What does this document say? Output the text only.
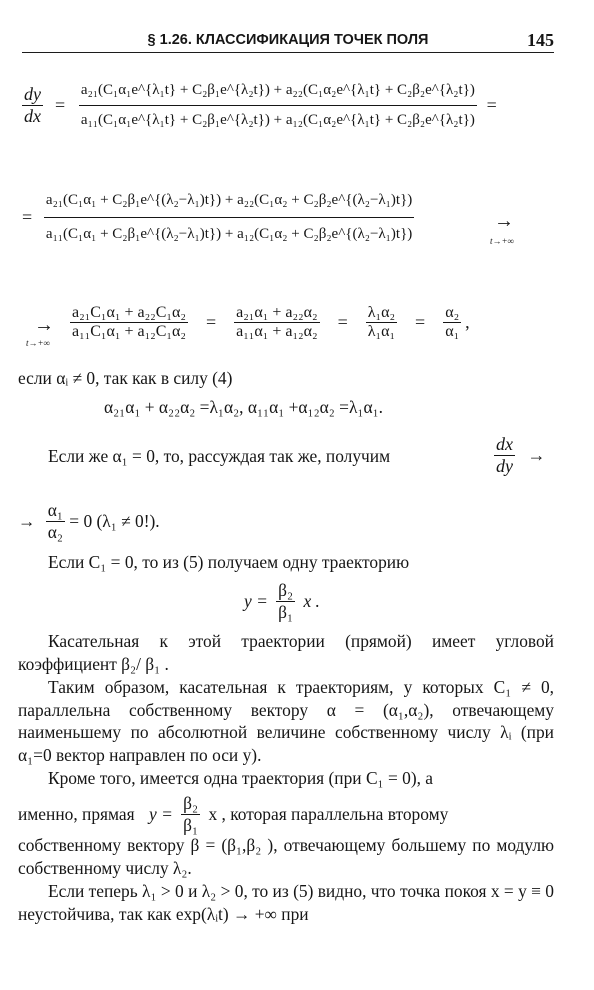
§ 1.26. КЛАССИФИКАЦИЯ ТОЧЕК ПОЛЯ	145
$\frac{dy}{dx}$ =
a₂₁(C₁α₁e^{λ₁t} + C₂β₁e^{λ₂t}) + a₂₂(C₁α₂e^{λ₁t} + C₂β₂e^{λ₂t})
a₁₁(C₁α₁e^{λ₁t} + C₂β₁e^{λ₂t}) + a₁₂(C₁α₂e^{λ₁t} + C₂β₂e^{λ₂t})
=
= $\frac{\text{a₂₁(C₁α₁ + C₂β₁e\textasciicircum{}\{(λ₂−λ₁)t\}) + a₂₂(C₁α₂ + C₂β₂e\textasciicircum{}\{(λ₂−λ₁)t\})}}{\text{a₁₁(C₁α₁ + C₂β₁e\textasciicircum{}\{(λ₂−λ₁)t\}) + a₁₂(C₁α₂ + C₂β₂e\textasciicircum{}\{(λ₂−λ₁)t\})}}$	→
t→+∞
→
t→+∞
$\frac{\text{a₂₁C₁α₁ + a₂₂C₁α₂}}{\text{a₁₁C₁α₁ + a₁₂C₁α₂}} = \frac{\text{a₂₁α₁ + a₂₂α₂}}{\text{a₁₁α₁ + a₁₂α₂}} = \frac{\text{λ₁α₂}}{\text{λ₁α₁}} = \frac{\text{α₂}}{\text{α₁}}$ ,
если αᵢ ≠ 0, так как в силу (4)
α₂₁α₁ + α₂₂α₂ =λ₁α₂, α₁₁α₁ +α₁₂α₂ =λ₁α₁.
Если же α₁ = 0, то, рассуждая так же, получим	$\frac{dx}{dy}$ →
→ $\frac{\text{α₁}}{\text{α₂}} = 0$ (λ₁ ≠ 0!).
Если C₁ = 0, то из (5) получаем одну траекторию
$y = \frac{\text{β₂}}{\text{β₁}}$ x .
Касательная к этой траектории (прямой) имеет угловой коэффициент β₂/ β₁ .
Таким образом, касательная к траекториям, у которых C₁ ≠ 0, параллельна собственному вектору α = (α₁,α₂), отвечающему наименьшему по абсолютной величине собственному числу λᵢ (при α₁=0 вектор направлен по оси y).
Кроме того, имеется одна траектория (при C₁ = 0), а
именно, прямая $y = \frac{\text{β₂}}{\text{β₁}}$ x , которая параллельна второму
собственному вектору β = (β₁,β₂ ), отвечающему большему по модулю собственному числу λ₂.
Если теперь λ₁ > 0 и λ₂ > 0, то из (5) видно, что точка покоя x = y ≡ 0 неустойчива, так как exp(λᵢt) → +∞ при
